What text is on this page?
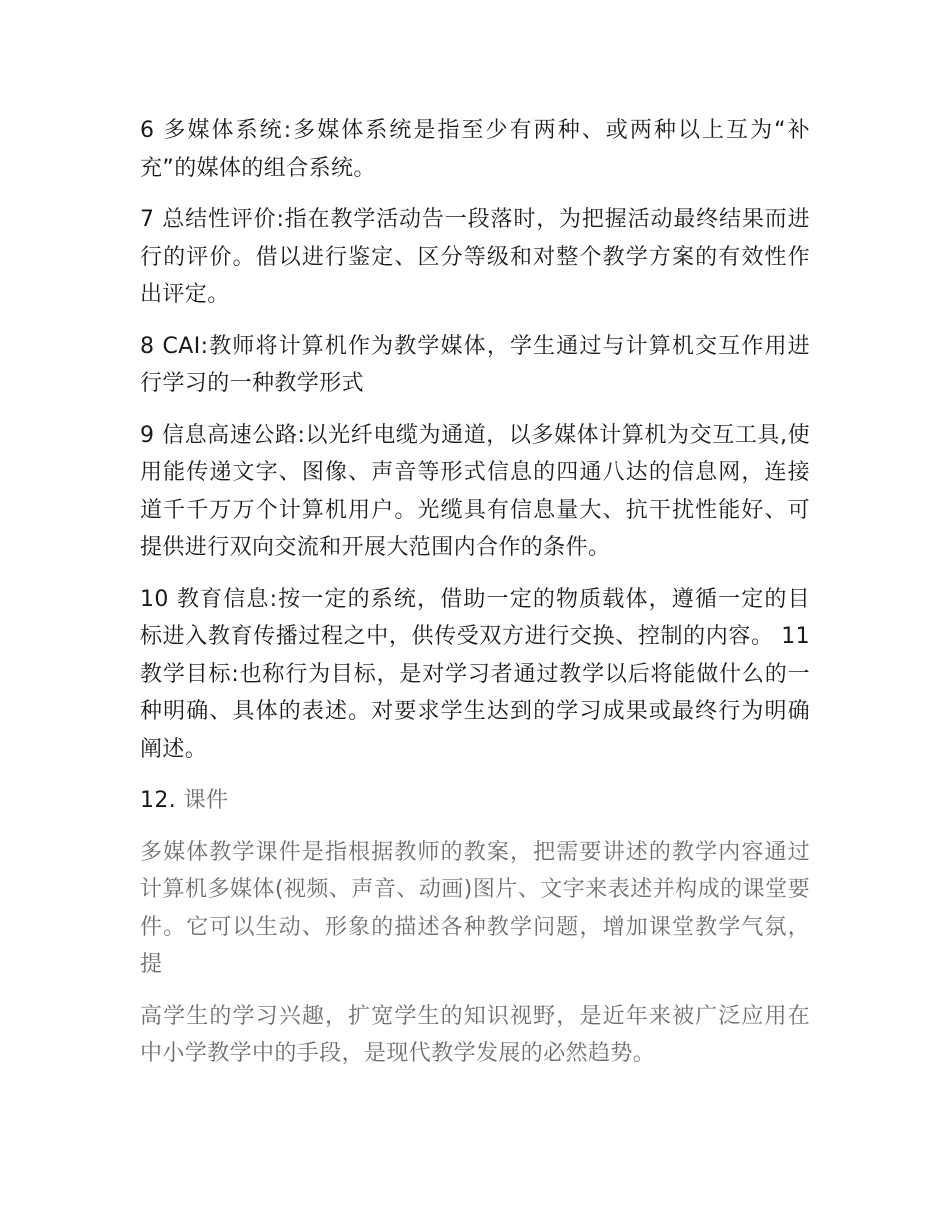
6 多媒体系统:多媒体系统是指至少有两种、或两种以上互为“补充”的媒体的组合系统。

7 总结性评价:指在教学活动告一段落时，为把握活动最终结果而进行的评价。借以进行鉴定、区分等级和对整个教学方案的有效性作出评定。

8 CAI:教师将计算机作为教学媒体，学生通过与计算机交互作用进行学习的一种教学形式

9 信息高速公路:以光纤电缆为通道，以多媒体计算机为交互工具,使用能传递文字、图像、声音等形式信息的四通八达的信息网，连接道千千万万个计算机用户。光缆具有信息量大、抗干扰性能好、可提供进行双向交流和开展大范围内合作的条件。

10 教育信息:按一定的系统，借助一定的物质载体，遵循一定的目标进入教育传播过程之中，供传受双方进行交换、控制的内容。 11 教学目标:也称行为目标，是对学习者通过教学以后将能做什么的一种明确、具体的表述。对要求学生达到的学习成果或最终行为明确阐述。

12. 课件

多媒体教学课件是指根据教师的教案，把需要讲述的教学内容通过计算机多媒体(视频、声音、动画)图片、文字来表述并构成的课堂要件。它可以生动、形象的描述各种教学问题，增加课堂教学气氛，提

高学生的学习兴趣，扩宽学生的知识视野，是近年来被广泛应用在中小学教学中的手段，是现代教学发展的必然趋势。
